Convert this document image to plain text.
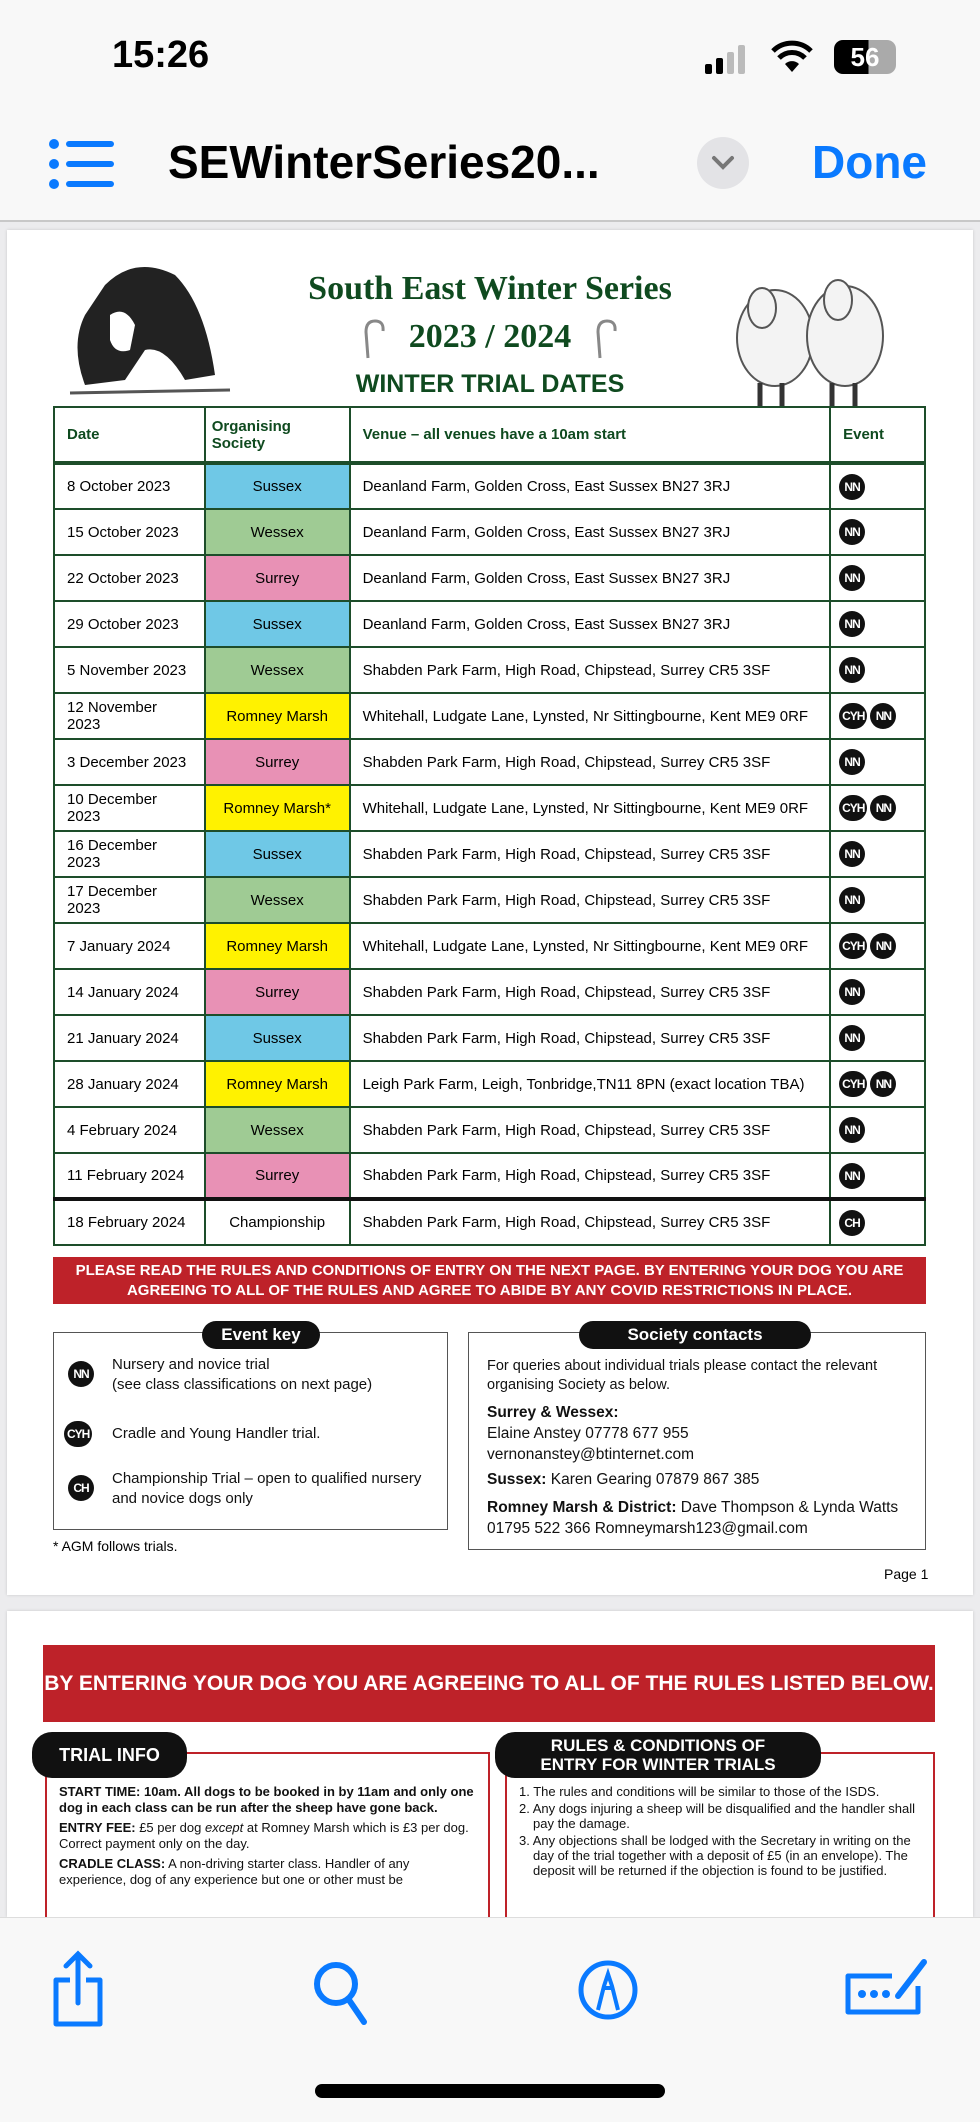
15:26	56
SEWinterSeries20...	Done
South East Winter Series
2023 / 2024
WINTER TRIAL DATES
Date	Organising Society	Venue – all venues have a 10am start	Event
8 October 2023	Sussex	Deanland Farm, Golden Cross, East Sussex BN27 3RJ	NN
15 October 2023	Wessex	Deanland Farm, Golden Cross, East Sussex BN27 3RJ	NN
22 October 2023	Surrey	Deanland Farm, Golden Cross, East Sussex BN27 3RJ	NN
29 October 2023	Sussex	Deanland Farm, Golden Cross, East Sussex BN27 3RJ	NN
5 November 2023	Wessex	Shabden Park Farm, High Road, Chipstead, Surrey CR5 3SF	NN
12 November 2023	Romney Marsh	Whitehall, Ludgate Lane, Lynsted, Nr Sittingbourne, Kent ME9 0RF	CYH NN
3 December 2023	Surrey	Shabden Park Farm, High Road, Chipstead, Surrey CR5 3SF	NN
10 December 2023	Romney Marsh*	Whitehall, Ludgate Lane, Lynsted, Nr Sittingbourne, Kent ME9 0RF	CYH NN
16 December 2023	Sussex	Shabden Park Farm, High Road, Chipstead, Surrey CR5 3SF	NN
17 December 2023	Wessex	Shabden Park Farm, High Road, Chipstead, Surrey CR5 3SF	NN
7 January 2024	Romney Marsh	Whitehall, Ludgate Lane, Lynsted, Nr Sittingbourne, Kent ME9 0RF	CYH NN
14 January 2024	Surrey	Shabden Park Farm, High Road, Chipstead, Surrey CR5 3SF	NN
21 January 2024	Sussex	Shabden Park Farm, High Road, Chipstead, Surrey CR5 3SF	NN
28 January 2024	Romney Marsh	Leigh Park Farm, Leigh, Tonbridge,TN11 8PN (exact location TBA)	CYH NN
4 February 2024	Wessex	Shabden Park Farm, High Road, Chipstead, Surrey CR5 3SF	NN
11 February 2024	Surrey	Shabden Park Farm, High Road, Chipstead, Surrey CR5 3SF	NN
18 February 2024	Championship	Shabden Park Farm, High Road, Chipstead, Surrey CR5 3SF	CH
PLEASE READ THE RULES AND CONDITIONS OF ENTRY ON THE NEXT PAGE. BY ENTERING YOUR DOG YOU ARE AGREEING TO ALL OF THE RULES AND AGREE TO ABIDE BY ANY COVID RESTRICTIONS IN PLACE.
Event key
NN
Nursery and novice trial
(see class classifications on next page)
CYH Cradle and Young Handler trial.
CH
Championship Trial – open to qualified nursery
and novice dogs only
* AGM follows trials.
Society contacts
For queries about individual trials please contact the relevant organising Society as below.
Surrey & Wessex:
Elaine Anstey 07778 677 955
vernonanstey@btinternet.com
Sussex: Karen Gearing 07879 867 385
Romney Marsh & District: Dave Thompson & Lynda Watts 01795 522 366 Romneymarsh123@gmail.com
Page 1
BY ENTERING YOUR DOG YOU ARE AGREEING TO ALL OF THE RULES LISTED BELOW.

START TIME: 10am. All dogs to be booked in by 11am and only one dog in each class can be run after the sheep have gone back.

ENTRY FEE: £5 per dog except at Romney Marsh which is £3 per dog. Correct payment only on the day.

CRADLE CLASS: A non-driving starter class. Handler of any experience, dog of any experience but one or other must be

TRIAL INFO

1. The rules and conditions will be similar to those of the ISDS.

2. Any dogs injuring a sheep will be disqualified and the handler shall pay the damage.

3. Any objections shall be lodged with the Secretary in writing on the day of the trial together with a deposit of £5 (in an envelope). The deposit will be returned if the objection is found to be justified.

RULES & CONDITIONS OF ENTRY FOR WINTER TRIALS
